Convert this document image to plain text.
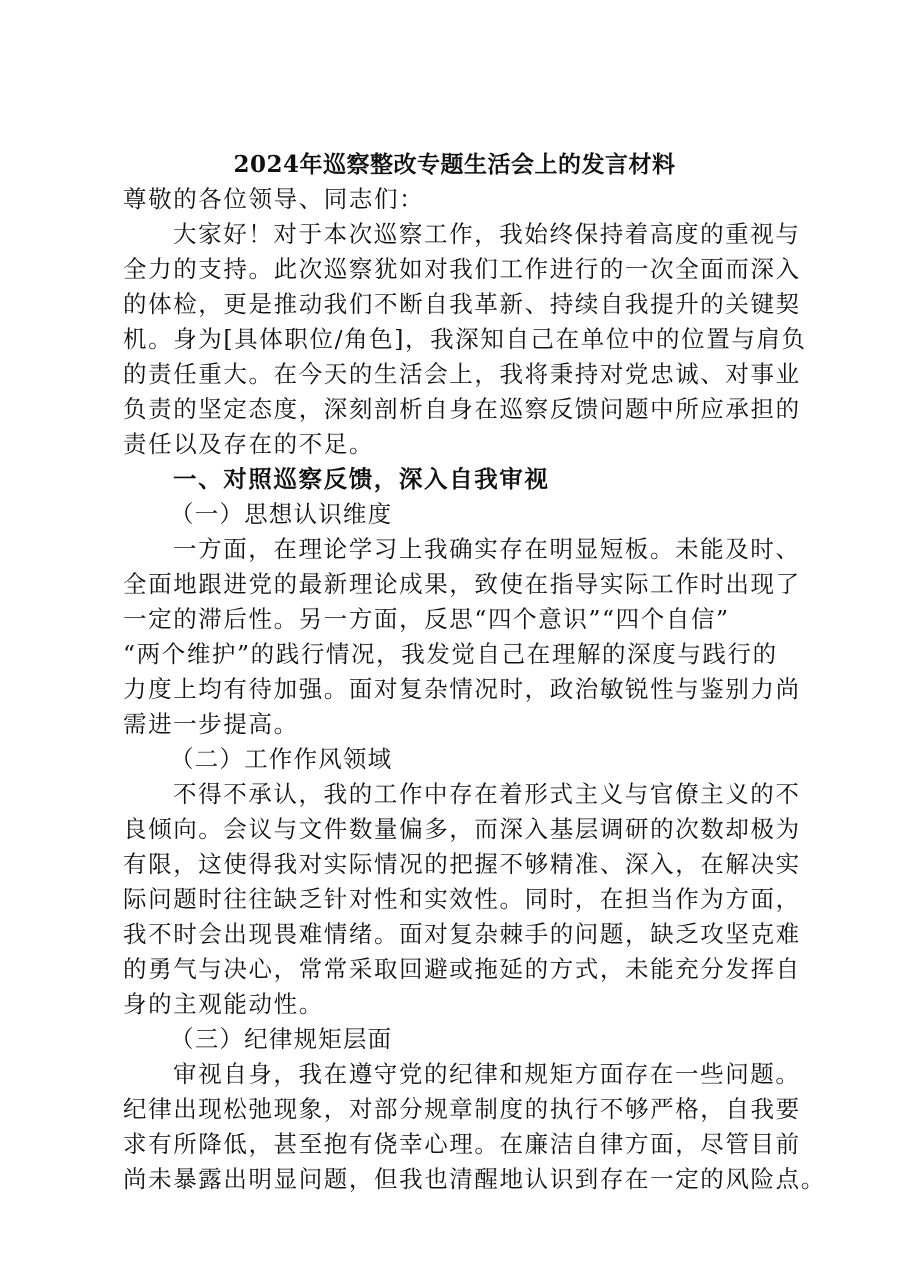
2024年巡察整改专题生活会上的发言材料
尊敬的各位领导、同志们：
大家好！对于本次巡察工作，我始终保持着高度的重视与
全力的支持。此次巡察犹如对我们工作进行的一次全面而深入
的体检，更是推动我们不断自我革新、持续自我提升的关键契
机。身为[具体职位/角色]，我深知自己在单位中的位置与肩负
的责任重大。在今天的生活会上，我将秉持对党忠诚、对事业
负责的坚定态度，深刻剖析自身在巡察反馈问题中所应承担的
责任以及存在的不足。
一、对照巡察反馈，深入自我审视
（一）思想认识维度
一方面，在理论学习上我确实存在明显短板。未能及时、
全面地跟进党的最新理论成果，致使在指导实际工作时出现了
一定的滞后性。另一方面，反思“四个意识”“四个自信”
“两个维护”的践行情况，我发觉自己在理解的深度与践行的
力度上均有待加强。面对复杂情况时，政治敏锐性与鉴别力尚
需进一步提高。
（二）工作作风领域
不得不承认，我的工作中存在着形式主义与官僚主义的不
良倾向。会议与文件数量偏多，而深入基层调研的次数却极为
有限，这使得我对实际情况的把握不够精准、深入，在解决实
际问题时往往缺乏针对性和实效性。同时，在担当作为方面，
我不时会出现畏难情绪。面对复杂棘手的问题，缺乏攻坚克难
的勇气与决心，常常采取回避或拖延的方式，未能充分发挥自
身的主观能动性。
（三）纪律规矩层面
审视自身，我在遵守党的纪律和规矩方面存在一些问题。
纪律出现松弛现象，对部分规章制度的执行不够严格，自我要
求有所降低，甚至抱有侥幸心理。在廉洁自律方面，尽管目前
尚未暴露出明显问题，但我也清醒地认识到存在一定的风险点。
